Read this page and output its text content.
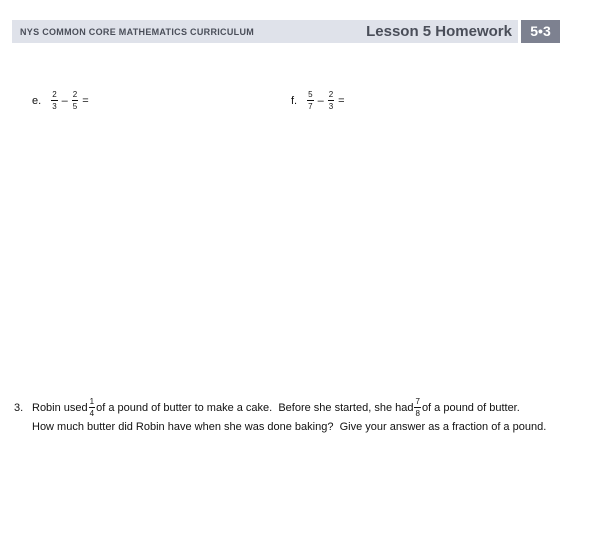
NYS COMMON CORE MATHEMATICS CURRICULUM	Lesson 5 Homework	5•3
e. $\frac{2}{3} - \frac{2}{5}$ =	f. $\frac{5}{7} - \frac{2}{3}$ =
3. Robin used $\frac{1}{4}$ of a pound of butter to make a cake.  Before she started, she had $\frac{7}{8}$ of a pound of butter.
How much butter did Robin have when she was done baking?  Give your answer as a fraction of a pound.
